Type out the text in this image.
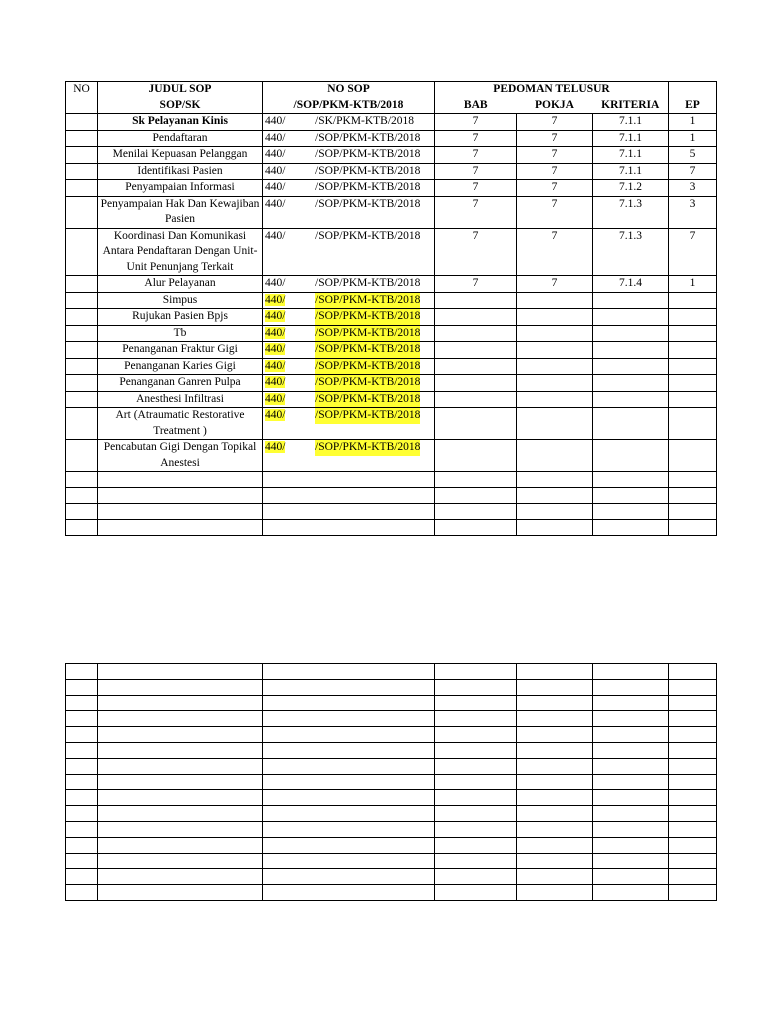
NO	JUDUL SOP	NO SOP	PEDOMAN TELUSUR			
	SOP/SK	/SOP/PKM-KTB/2018	BAB	POKJA	KRITERIA	EP
	Sk Pelayanan Kinis	440/ /SK/PKM-KTB/2018	7	7	7.1.1	1
	Pendaftaran	440/ /SOP/PKM-KTB/2018	7	7	7.1.1	1
	Menilai Kepuasan Pelanggan	440/ /SOP/PKM-KTB/2018	7	7	7.1.1	5
	Identifikasi Pasien	440/ /SOP/PKM-KTB/2018	7	7	7.1.1	7
	Penyampaian Informasi	440/ /SOP/PKM-KTB/2018	7	7	7.1.2	3
	Penyampaian Hak Dan Kewajiban Pasien	440/ /SOP/PKM-KTB/2018	7	7	7.1.3	3
	Koordinasi Dan Komunikasi Antara Pendaftaran Dengan Unit-Unit Penunjang Terkait	440/ /SOP/PKM-KTB/2018	7	7	7.1.3	7
	Alur Pelayanan	440/ /SOP/PKM-KTB/2018	7	7	7.1.4	1
	Simpus	440/ /SOP/PKM-KTB/2018				

	Rujukan Pasien Bpjs	440/ /SOP/PKM-KTB/2018				

	Tb	440/ /SOP/PKM-KTB/2018				

	Penanganan Fraktur Gigi	440/ /SOP/PKM-KTB/2018				

	Penanganan Karies Gigi	440/ /SOP/PKM-KTB/2018				

	Penanganan Ganren Pulpa	440/ /SOP/PKM-KTB/2018				

	Anesthesi Infiltrasi	440/ /SOP/PKM-KTB/2018				

	Art (Atraumatic Restorative Treatment )	440/ /SOP/PKM-KTB/2018				

	Pencabutan Gigi Dengan Topikal Anestesi	440/ /SOP/PKM-KTB/2018				
